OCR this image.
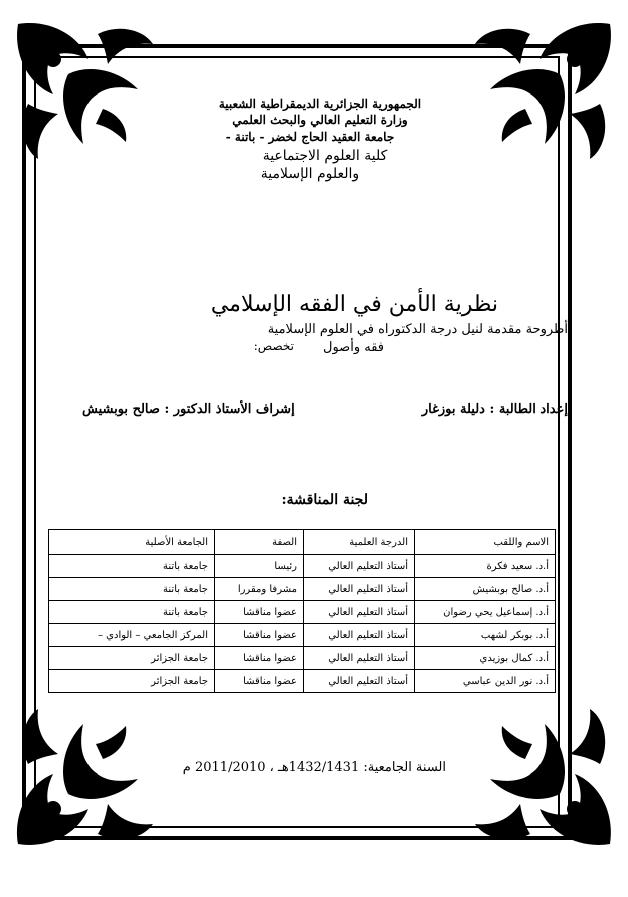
الجمهورية الجزائرية الديمقراطية الشعبية
وزارة التعليم العالي والبحث العلمي
جامعة العقيد الحاج لخضر - باتنة -
كلية العلوم الاجتماعية
والعلوم الإسلامية
نظرية الأمن في الفقه الإسلامي
أطروحة مقدمة لنيل درجة الدكتوراه في العلوم الإسلامية
تخصص: فقه وأصول
إعداد الطالبة : دليلة بوزغار
إشراف الأستاذ الدكتور : صالح بوبشيش
لجنة المناقشة:
الاسم واللقب	الدرجة العلمية	الصفة	الجامعة الأصلية
أ.د. سعيد فكرة	أستاذ التعليم العالي	رئيسا	جامعة باتنة
أ.د. صالح بوبشيش	أستاذ التعليم العالي	مشرفا ومقررا	جامعة باتنة
أ.د. إسماعيل يحي رضوان	أستاذ التعليم العالي	عضوا مناقشا	جامعة باتنة
أ.د. بوبكر لشهب	أستاذ التعليم العالي	عضوا مناقشا	المركز الجامعي – الوادي –
أ.د. كمال بوزيدي	أستاذ التعليم العالي	عضوا مناقشا	جامعة الجزائر
أ.د. نور الدين عباسي	أستاذ التعليم العالي	عضوا مناقشا	جامعة الجزائر
السنة الجامعية: 1432/1431هـ ، 2011/2010 م
